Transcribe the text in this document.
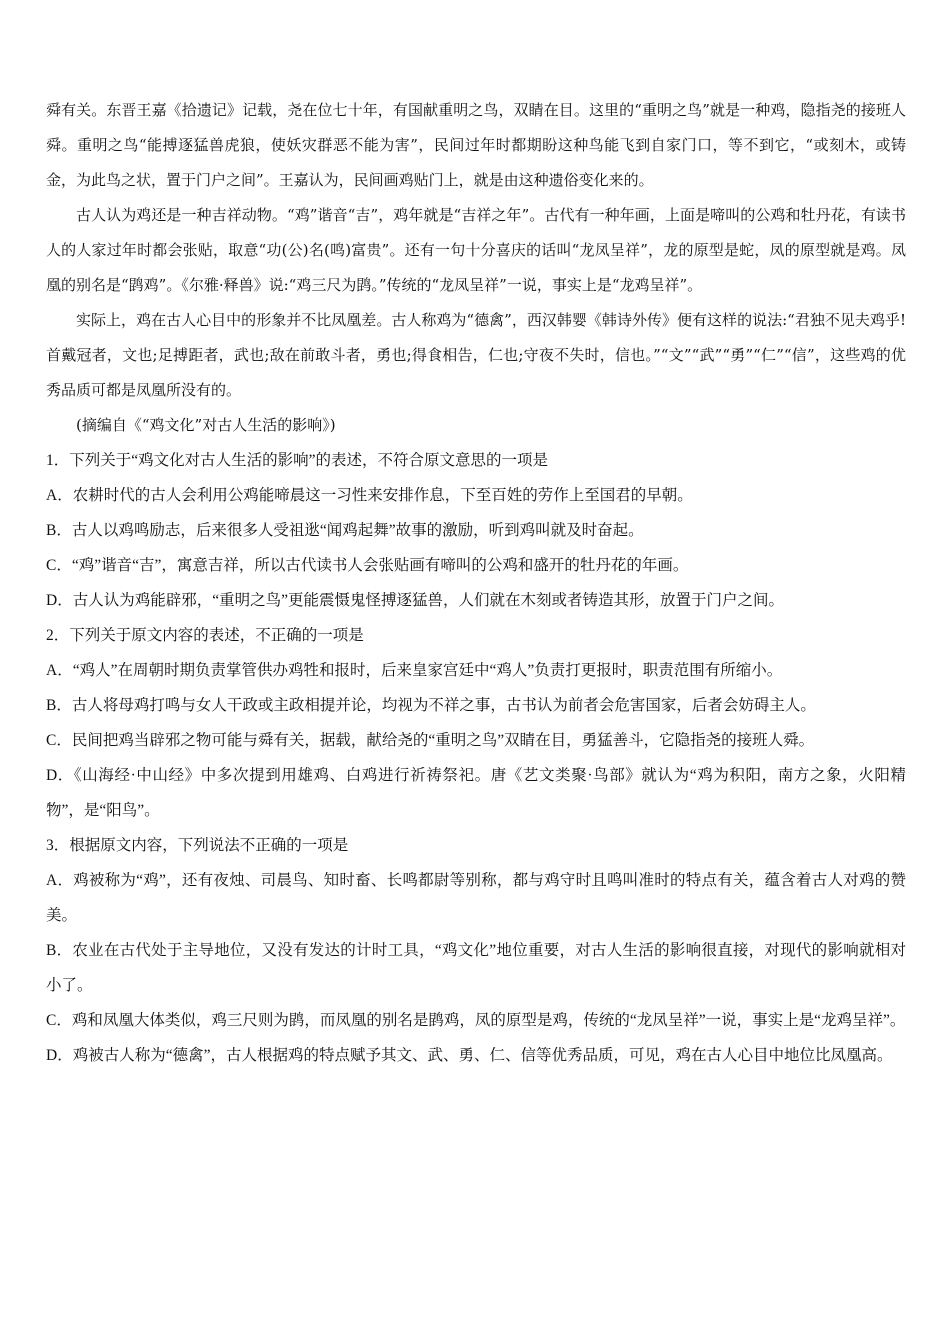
舜有关。东晋王嘉《拾遗记》记载，尧在位七十年，有国献重明之鸟，双睛在目。这里的“重明之鸟”就是一种鸡，隐指尧的接班人舜。重明之鸟“能搏逐猛兽虎狼，使妖灾群恶不能为害”，民间过年时都期盼这种鸟能飞到自家门口，等不到它，“或刻木，或铸金，为此鸟之状，置于门户之间”。王嘉认为，民间画鸡贴门上，就是由这种遗俗变化来的。

古人认为鸡还是一种吉祥动物。“鸡”谐音“吉”，鸡年就是“吉祥之年”。古代有一种年画，上面是啼叫的公鸡和牡丹花，有读书人的人家过年时都会张贴，取意“功(公)名(鸣)富贵”。还有一句十分喜庆的话叫“龙凤呈祥”，龙的原型是蛇，凤的原型就是鸡。凤凰的别名是“鹍鸡”。《尔雅·释兽》说:“鸡三尺为鹍。”传统的“龙凤呈祥”一说，事实上是“龙鸡呈祥”。

实际上，鸡在古人心目中的形象并不比凤凰差。古人称鸡为“德禽”，西汉韩婴《韩诗外传》便有这样的说法:“君独不见夫鸡乎!首戴冠者，文也;足搏距者，武也;敌在前敢斗者，勇也;得食相告，仁也;守夜不失时，信也。”“文”“武”“勇”“仁”“信”，这些鸡的优秀品质可都是凤凰所没有的。

(摘编自《“鸡文化”对古人生活的影响》)

1．下列关于“鸡文化对古人生活的影响”的表述，不符合原文意思的一项是

A．农耕时代的古人会利用公鸡能啼晨这一习性来安排作息，下至百姓的劳作上至国君的早朝。

B．古人以鸡鸣励志，后来很多人受祖逖“闻鸡起舞”故事的激励，听到鸡叫就及时奋起。

C．“鸡”谐音“吉”，寓意吉祥，所以古代读书人会张贴画有啼叫的公鸡和盛开的牡丹花的年画。

D．古人认为鸡能辟邪，“重明之鸟”更能震慑鬼怪搏逐猛兽，人们就在木刻或者铸造其形，放置于门户之间。

2．下列关于原文内容的表述，不正确的一项是

A．“鸡人”在周朝时期负责掌管供办鸡牲和报时，后来皇家宫廷中“鸡人”负责打更报时，职责范围有所缩小。

B．古人将母鸡打鸣与女人干政或主政相提并论，均视为不祥之事，古书认为前者会危害国家，后者会妨碍主人。

C．民间把鸡当辟邪之物可能与舜有关，据载，献给尧的“重明之鸟”双睛在目，勇猛善斗，它隐指尧的接班人舜。

D．《山海经·中山经》中多次提到用雄鸡、白鸡进行祈祷祭祀。唐《艺文类聚·鸟部》就认为“鸡为积阳，南方之象，火阳精物”，是“阳鸟”。

3．根据原文内容，下列说法不正确的一项是

A．鸡被称为“鸡”，还有夜烛、司晨鸟、知时畜、长鸣都尉等别称，都与鸡守时且鸣叫准时的特点有关，蕴含着古人对鸡的赞美。

B．农业在古代处于主导地位，又没有发达的计时工具，“鸡文化”地位重要，对古人生活的影响很直接，对现代的影响就相对小了。

C．鸡和凤凰大体类似，鸡三尺则为鹍，而凤凰的别名是鹍鸡，凤的原型是鸡，传统的“龙凤呈祥”一说，事实上是“龙鸡呈祥”。

D．鸡被古人称为“德禽”，古人根据鸡的特点赋予其文、武、勇、仁、信等优秀品质，可见，鸡在古人心目中地位比凤凰高。
